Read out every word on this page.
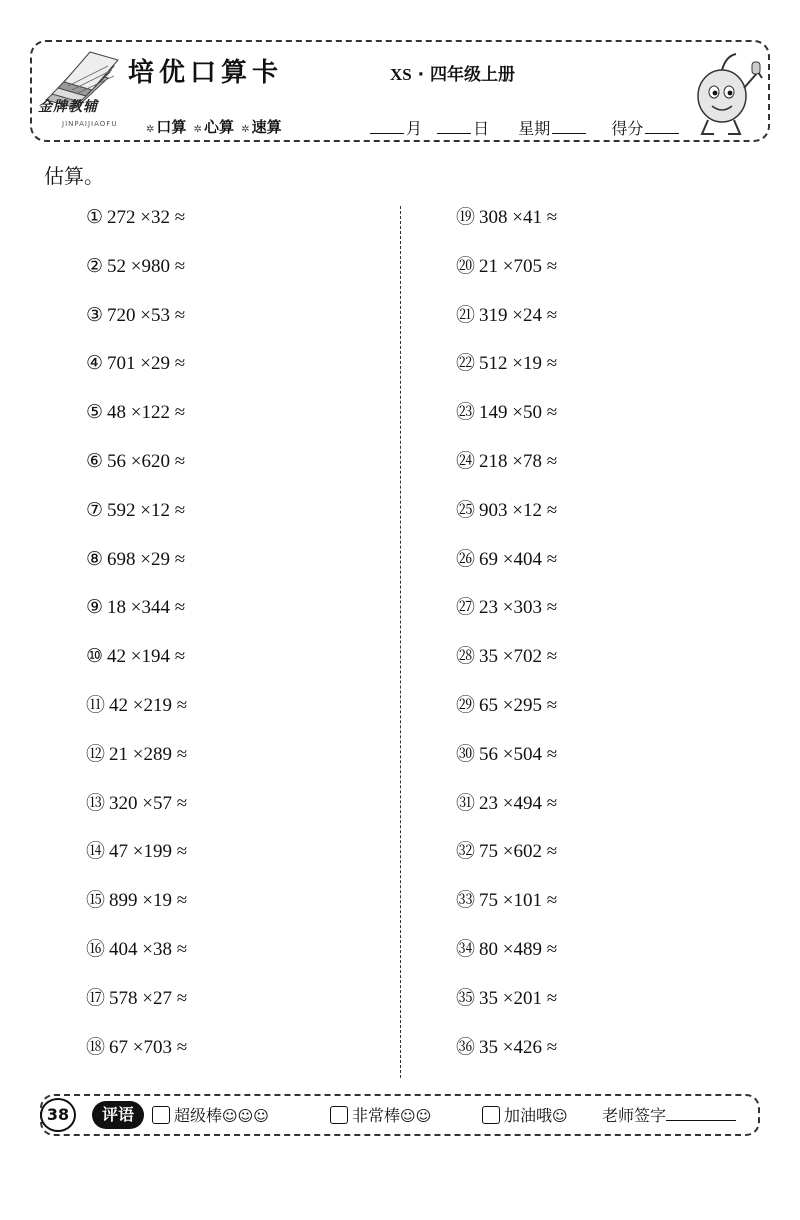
金牌教辅
JINPAIJIAOFU
培优口算卡
✲ 口算 ✲ 心算 ✲ 速算
XS · 四年级上册
月	日 星期	得分
估算。
① 272 ×32 ≈
② 52 ×980 ≈
③ 720 ×53 ≈
④ 701 ×29 ≈
⑤ 48 ×122 ≈
⑥ 56 ×620 ≈
⑦ 592 ×12 ≈
⑧ 698 ×29 ≈
⑨ 18 ×344 ≈
⑩ 42 ×194 ≈
⑪ 42 ×219 ≈
⑫ 21 ×289 ≈
⑬ 320 ×57 ≈
⑭ 47 ×199 ≈
⑮ 899 ×19 ≈
⑯ 404 ×38 ≈
⑰ 578 ×27 ≈
⑱ 67 ×703 ≈
⑲ 308 ×41 ≈
⑳ 21 ×705 ≈
㉑ 319 ×24 ≈
㉒ 512 ×19 ≈
㉓ 149 ×50 ≈
㉔ 218 ×78 ≈
㉕ 903 ×12 ≈
㉖ 69 ×404 ≈
㉗ 23 ×303 ≈
㉘ 35 ×702 ≈
㉙ 65 ×295 ≈
㉚ 56 ×504 ≈
㉛ 23 ×494 ≈
㉜ 75 ×602 ≈
㉝ 75 ×101 ≈
㉞ 80 ×489 ≈
㉟ 35 ×201 ≈
㊱ 35 ×426 ≈
38	评语	超级棒☺☺☺	非常棒☺☺	加油哦☺ 老师签字
